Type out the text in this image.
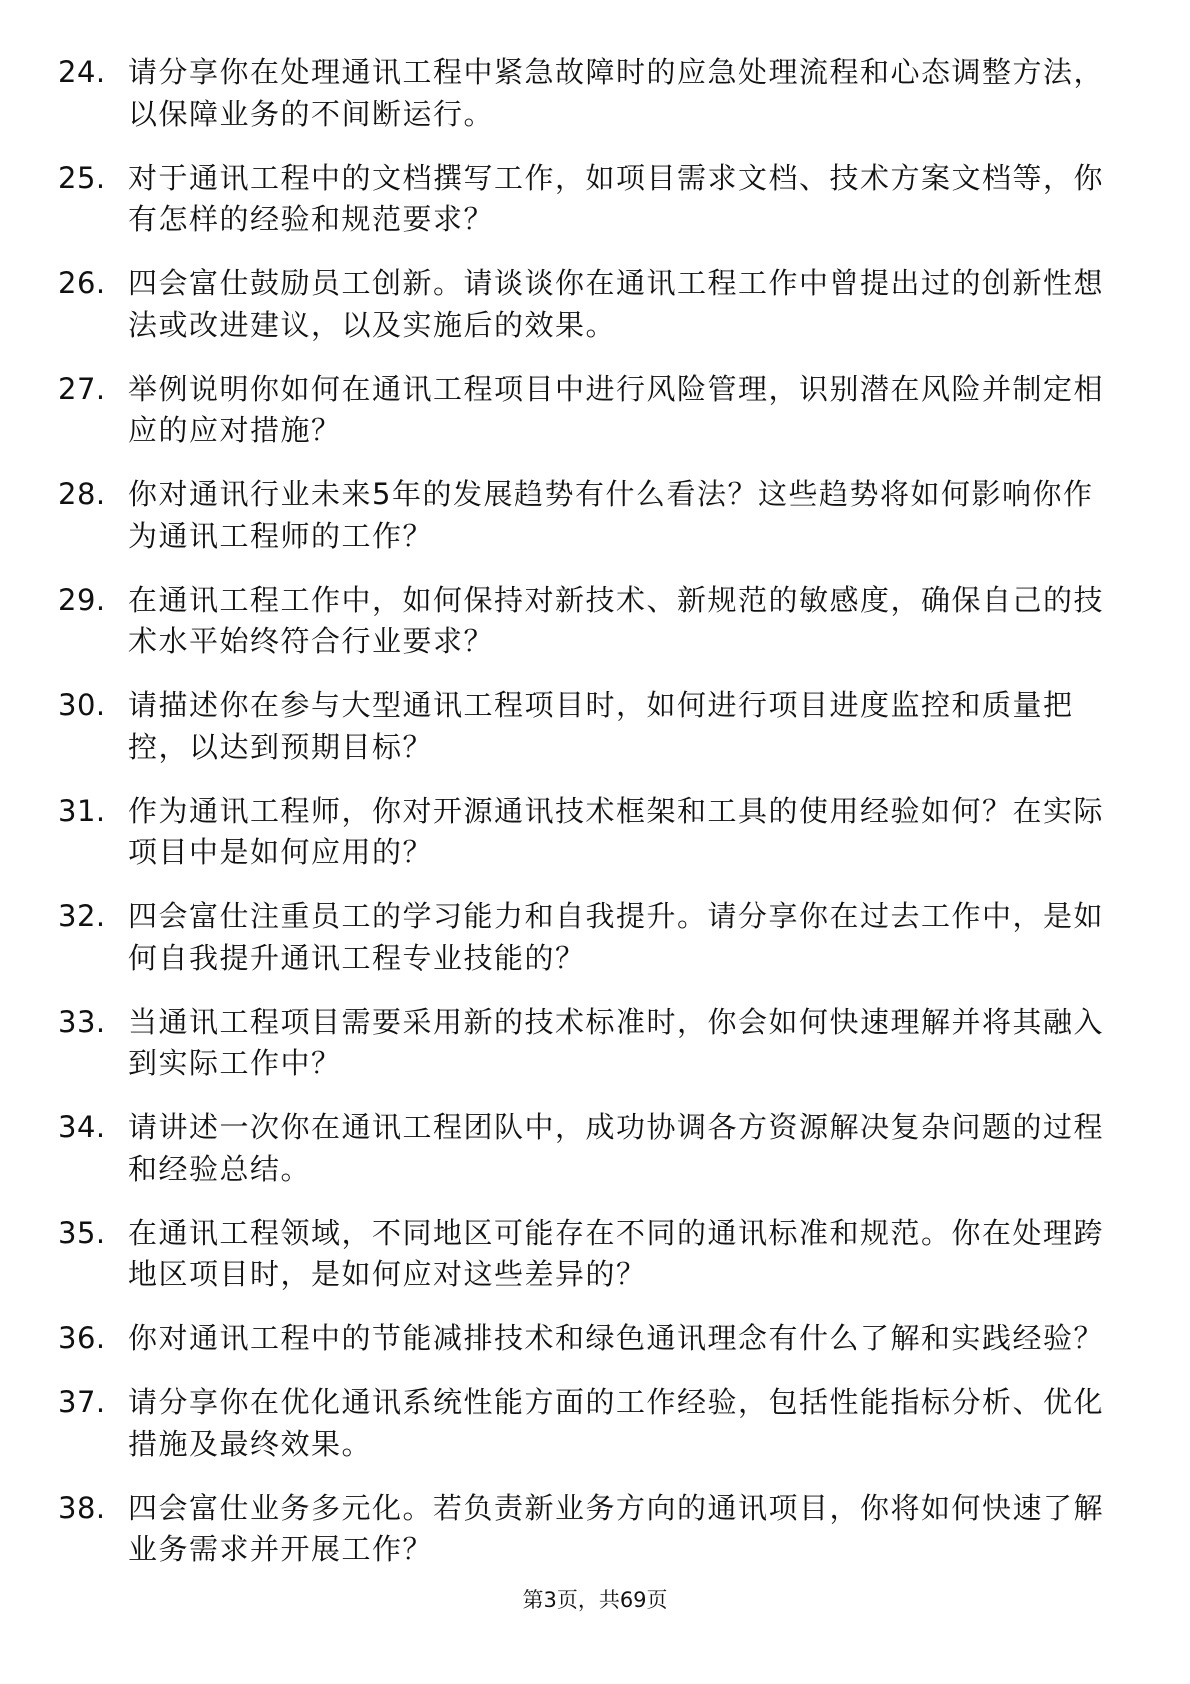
24. 请分享你在处理通讯工程中紧急故障时的应急处理流程和心态调整方法，以保障业务的不间断运行。
25. 对于通讯工程中的文档撰写工作，如项目需求文档、技术方案文档等，你有怎样的经验和规范要求？
26. 四会富仕鼓励员工创新。请谈谈你在通讯工程工作中曾提出过的创新性想法或改进建议，以及实施后的效果。
27. 举例说明你如何在通讯工程项目中进行风险管理，识别潜在风险并制定相应的应对措施？
28. 你对通讯行业未来5年的发展趋势有什么看法？这些趋势将如何影响你作为通讯工程师的工作？
29. 在通讯工程工作中，如何保持对新技术、新规范的敏感度，确保自己的技术水平始终符合行业要求？
30. 请描述你在参与大型通讯工程项目时，如何进行项目进度监控和质量把控，以达到预期目标？
31. 作为通讯工程师，你对开源通讯技术框架和工具的使用经验如何？在实际项目中是如何应用的？
32. 四会富仕注重员工的学习能力和自我提升。请分享你在过去工作中，是如何自我提升通讯工程专业技能的？
33. 当通讯工程项目需要采用新的技术标准时，你会如何快速理解并将其融入到实际工作中？
34. 请讲述一次你在通讯工程团队中，成功协调各方资源解决复杂问题的过程和经验总结。
35. 在通讯工程领域，不同地区可能存在不同的通讯标准和规范。你在处理跨地区项目时，是如何应对这些差异的？
36. 你对通讯工程中的节能减排技术和绿色通讯理念有什么了解和实践经验？
37. 请分享你在优化通讯系统性能方面的工作经验，包括性能指标分析、优化措施及最终效果。
38. 四会富仕业务多元化。若负责新业务方向的通讯项目，你将如何快速了解业务需求并开展工作？
第3页，共69页
